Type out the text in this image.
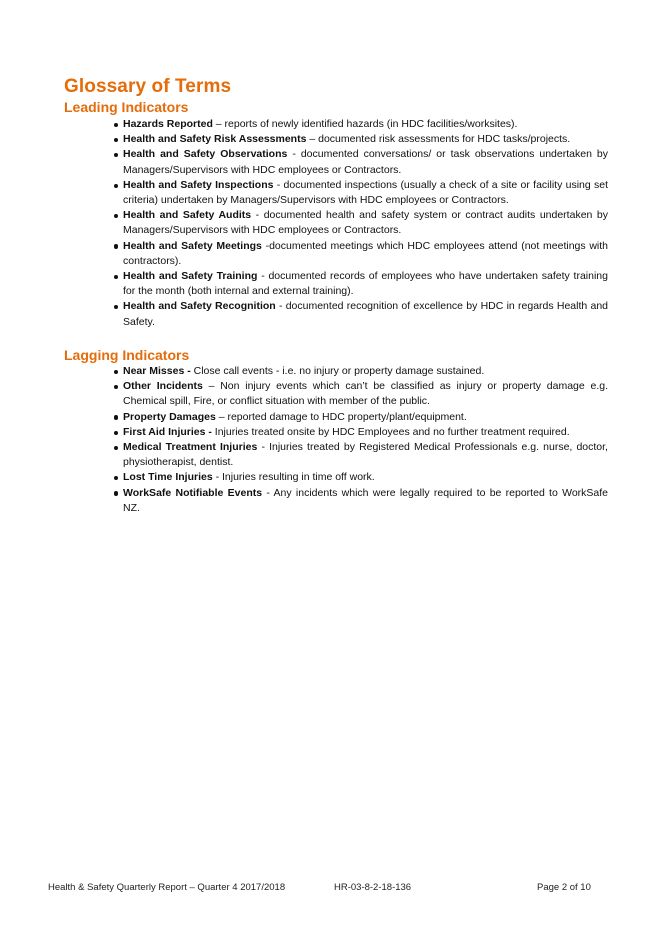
Glossary of Terms
Leading Indicators
Hazards Reported – reports of newly identified hazards (in HDC facilities/worksites).
Health and Safety Risk Assessments – documented risk assessments for HDC tasks/projects.
Health and Safety Observations - documented conversations/ or task observations undertaken by Managers/Supervisors with HDC employees or Contractors.
Health and Safety Inspections - documented inspections (usually a check of a site or facility using set criteria) undertaken by Managers/Supervisors with HDC employees or Contractors.
Health and Safety Audits - documented health and safety system or contract audits undertaken by Managers/Supervisors with HDC employees or Contractors.
Health and Safety Meetings -documented meetings which HDC employees attend (not meetings with contractors).
Health and Safety Training - documented records of employees who have undertaken safety training for the month (both internal and external training).
Health and Safety Recognition - documented recognition of excellence by HDC in regards Health and Safety.
Lagging Indicators
Near Misses - Close call events - i.e. no injury or property damage sustained.
Other Incidents – Non injury events which can’t be classified as injury or property damage e.g. Chemical spill, Fire, or conflict situation with member of the public.
Property Damages – reported damage to HDC property/plant/equipment.
First Aid Injuries - Injuries treated onsite by HDC Employees and no further treatment required.
Medical Treatment Injuries - Injuries treated by Registered Medical Professionals e.g. nurse, doctor, physiotherapist, dentist.
Lost Time Injuries - Injuries resulting in time off work.
WorkSafe Notifiable Events - Any incidents which were legally required to be reported to WorkSafe NZ.
Health & Safety Quarterly Report – Quarter 4 2017/2018	HR-03-8-2-18-136	Page 2 of 10
